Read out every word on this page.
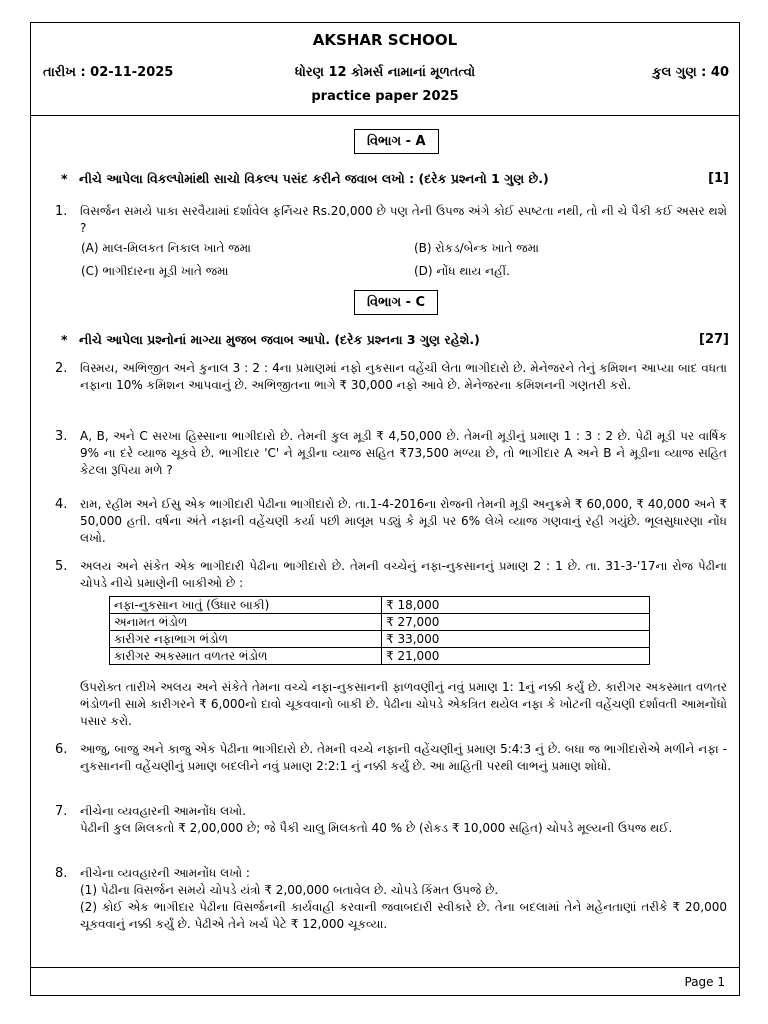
AKSHAR SCHOOL
તારીખ : 02-11-2025	ધોરણ 12 કોમર્સ નામાનાં મૂળતત્વો	કુલ ગુણ : 40
practice paper 2025
વિભાગ - A
* નીચે આપેલા વિકલ્પોમાંથી સાચો વિકલ્પ પસંદ કરીને જવાબ લખો : (દરેક પ્રશ્નનો 1 ગુણ છે.)	[1]
1. વિસર્જન સમયે પાકા સરવૈયામાં દર્શાવેલ ફર્નિચર Rs.20,000 છે પણ તેની ઉપજ અંગે કોઈ સ્પષ્ટતા નથી, તો ની ચે પૈકી કઈ અસર થશે ?
(A) માલ-મિલકત નિકાલ ખાતે જમા	(B) રોકડ/બેન્ક ખાતે જમા
(C) ભાગીદારના મૂડી ખાતે જમા	(D) નોંધ થાય નહીં.
વિભાગ - C
* નીચે આપેલા પ્રશ્નોનાં માગ્યા મુજબ જવાબ આપો. (દરેક પ્રશ્નના 3 ગુણ રહેશે.)	[27]
2. વિસ્મય, અભિજીત અને કુનાલ 3 : 2 : 4ના પ્રમાણમાં નફો નુકસાન વહેંચી લેતા ભાગીદારો છે. મેનેજરને તેનું કમિશન આપ્યા બાદ વધતા નફાના 10% કમિશન આપવાનું છે. અભિજીતના ભાગે ₹ 30,000 નફો આવે છે. મેનેજરના કમિશનની ગણતરી કરો.
3. A, B, અને C સરખા હિસ્સાના ભાગીદારો છે. તેમની કુલ મૂડી ₹ 4,50,000 છે. તેમની મૂડીનું પ્રમાણ 1 : 3 : 2 છે. પેઢી મૂડી પર વાર્ષિક 9% ના દરે વ્યાજ ચૂકવે છે. ભાગીદાર 'C' ને મૂડીના વ્યાજ સહિત ₹73,500 મળ્યા છે, તો ભાગીદાર A અને B ને મૂડીના વ્યાજ સહિત કેટલા રૂપિયા મળે ?
4. રામ, રહીમ અને ઈસુ એક ભાગીદારી પેઢીના ભાગીદારો છે. તા.1-4-2016ના રોજની તેમની મૂડી અનુક્રમે ₹ 60,000, ₹ 40,000 અને ₹ 50,000 હતી. વર્ષના અંતે નફાની વહેંચણી કર્યા પછી માલૂમ પડ્યું કે મૂડી પર 6% લેખે વ્યાજ ગણવાનું રહી ગયુંછે. ભૂલસુધારણા નોંધ લખો.
5. અલય અને સંકેત એક ભાગીદારી પેઢીના ભાગીદારો છે. તેમની વચ્ચેનું નફા-નુકસાનનું પ્રમાણ 2 : 1 છે. તા. 31-3-'17ના રોજ પેઢીના ચોપડે નીચે પ્રમાણેની બાકીઓ છે :
નફા-નુકસાન ખાતું (ઉધાર બાકી)	₹ 18,000
અનામત ભંડોળ	₹ 27,000
કારીગર નફાભાગ ભંડોળ	₹ 33,000
કારીગર અકસ્માત વળતર ભંડોળ	₹ 21,000
ઉપરોક્ત તારીખે અલય અને સંકેતે તેમના વચ્ચે નફા-નુકસાનની ફાળવણીનું નવું પ્રમાણ 1: 1નું નક્કી કર્યું છે. કારીગર અકસ્માત વળતર ભંડોળની સામે કારીગરને ₹ 6,000નો દાવો ચૂકવવાનો બાકી છે. પેઢીના ચોપડે એકત્રિત થયેલ નફા કે ખોટની વહેંચણી દર્શાવતી આમનોંધો પસાર કરો.
6. આજુ, બાજુ અને કાજુ એક પેઢીના ભાગીદારો છે. તેમની વચ્ચે નફાની વહેંચણીનું પ્રમાણ 5:4:3 નું છે. બધા જ ભાગીદારોએ મળીને નફા - નુકસાનની વહેંચણીનું પ્રમાણ બદલીને નવું પ્રમાણ 2:2:1 નું નક્કી કર્યું છે. આ માહિતી પરથી લાભનું પ્રમાણ શોધો.
7. નીચેના વ્યવહારની આમનોંધ લખો.
પેઢીની કુલ મિલકતો ₹ 2,00,000 છે; જે પૈકી ચાલુ મિલકતો 40 % છે (રોકડ ₹ 10,000 સહિત) ચોપડે મૂલ્યની ઉપજ થઈ.
8. નીચેના વ્યવહારની આમનોંધ લખો :
(1) પેઢીના વિસર્જન સમયે ચોપડે યંત્રો ₹ 2,00,000 બતાવેલ છે. ચોપડે કિંમત ઉપજે છે.
(2) કોઈ એક ભાગીદાર પેઢીના વિસર્જનની કાર્યવાહી કરવાની જવાબદારી સ્વીકારે છે. તેના બદલામાં તેને મહેનતાણાં તરીકે ₹ 20,000 ચૂકવવાનું નક્કી કર્યું છે. પેઢીએ તેને ખર્ચ પેટે ₹ 12,000 ચૂકવ્યા.
Page 1
